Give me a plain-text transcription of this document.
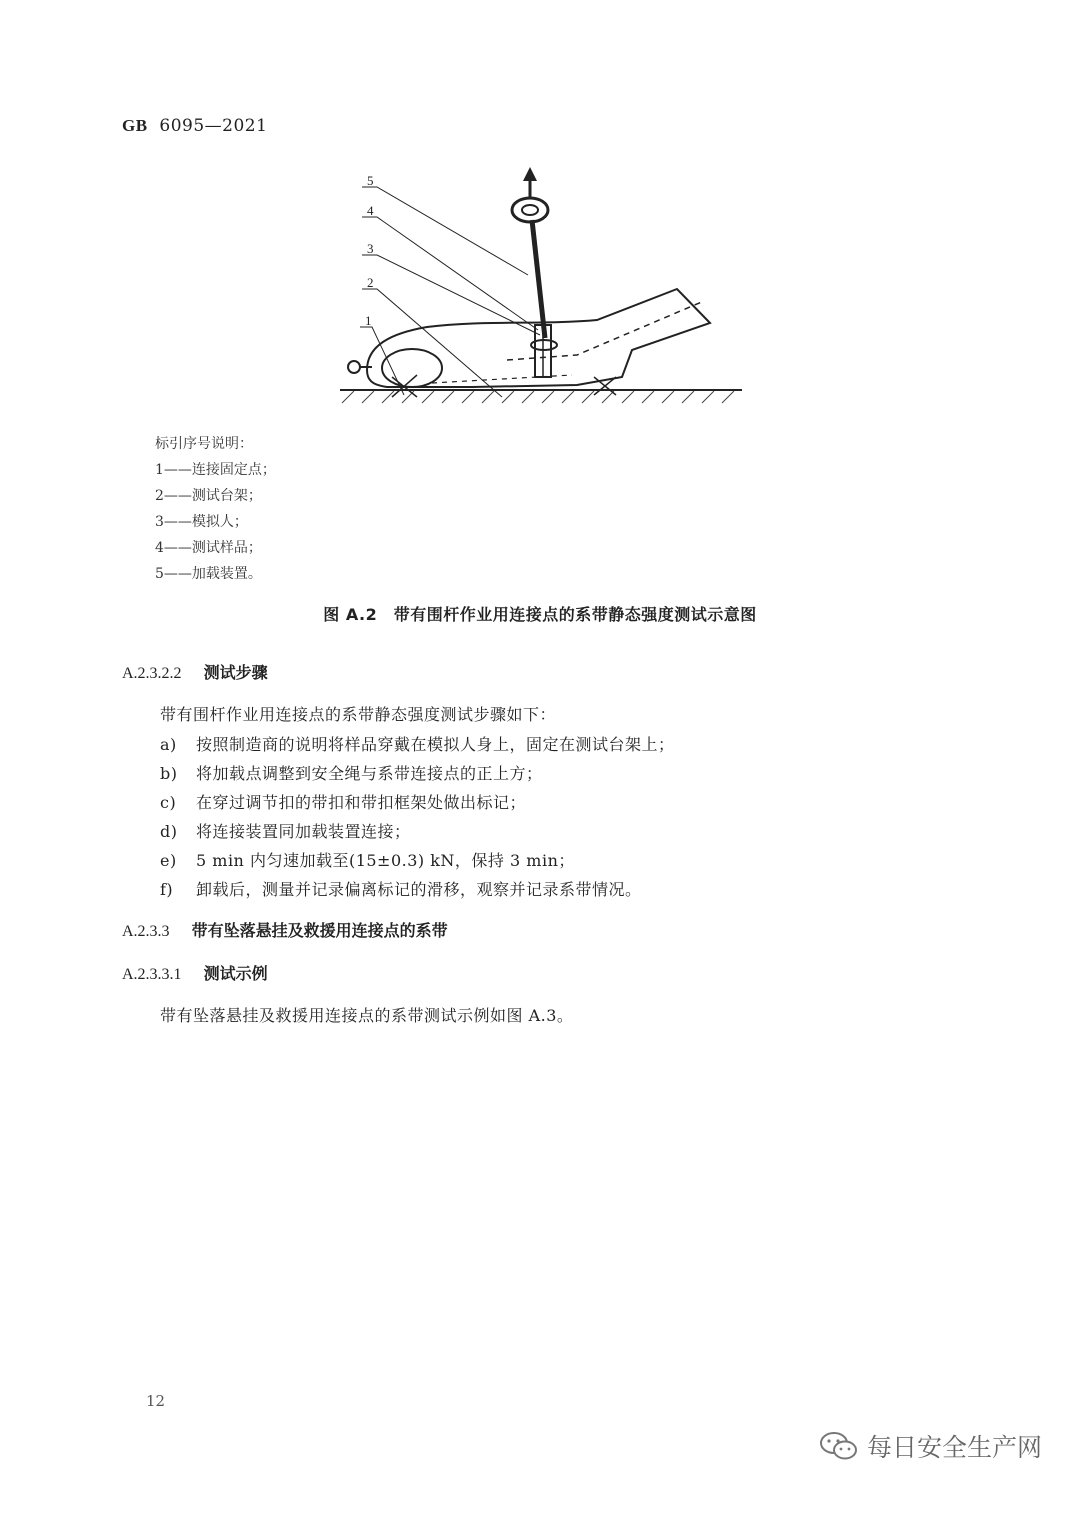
GB 6095—2021
1
2
3
4
5
标引序号说明：
1——连接固定点；
2——测试台架；
3——模拟人；
4——测试样品；
5——加载装置。
图 A.2　带有围杆作业用连接点的系带静态强度测试示意图
A.2.3.2.2 测试步骤
带有围杆作业用连接点的系带静态强度测试步骤如下：
a) 按照制造商的说明将样品穿戴在模拟人身上，固定在测试台架上；
b) 将加载点调整到安全绳与系带连接点的正上方；
c) 在穿过调节扣的带扣和带扣框架处做出标记；
d) 将连接装置同加载装置连接；
e) 5 min 内匀速加载至(15±0.3) kN，保持 3 min；
f) 卸载后，测量并记录偏离标记的滑移，观察并记录系带情况。
A.2.3.3 带有坠落悬挂及救援用连接点的系带
A.2.3.3.1 测试示例
带有坠落悬挂及救援用连接点的系带测试示例如图 A.3。
12
每日安全生产网
